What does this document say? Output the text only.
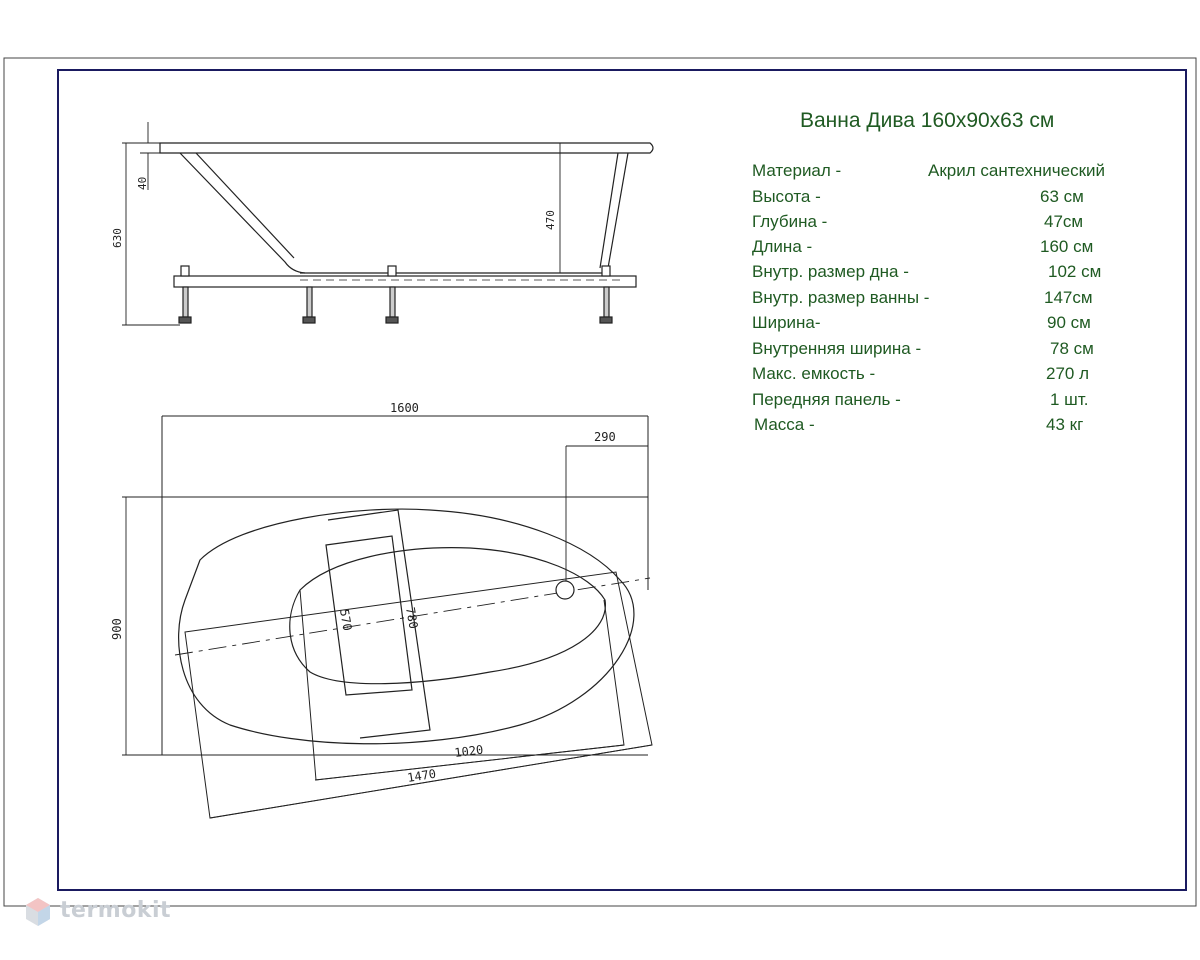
630
40
470
1600
290
900	570	780
1020
1470
Ванна Дива 160x90x63 см
Материал -	Акрил сантехнический
Высота -	63 см
Глубина -	47см
Длина -	160 см
Внутр. размер дна -	102 см
Внутр. размер ванны -	147см
Ширина-	90 см
Внутренняя ширина -	78 см
Макс. емкость -	270 л
Передняя панель -	1 шт.
Масса -	43 кг
termokit
